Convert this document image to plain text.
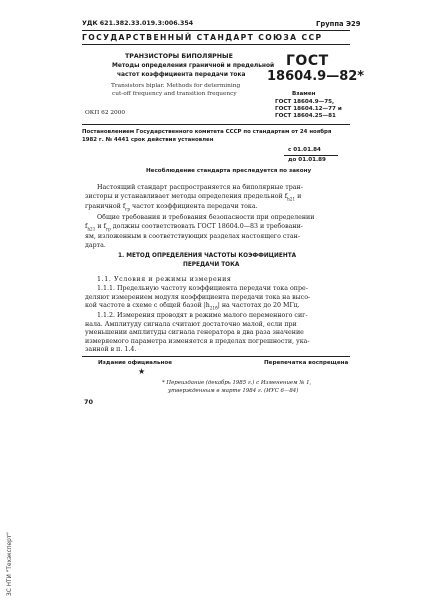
УДК 621.382.33.019.3:006.354	Группа Э29
ГОСУДАРСТВЕННЫЙ СТАНДАРТ СОЮЗА ССР
ТРАНЗИСТОРЫ БИПОЛЯРНЫЕ
Методы определения граничной и предельной
частот коэффициента передачи тока
Transistors biplar. Methods for determining
cut-off frequency and transition frequency
ОКП 62 2000
ГОСТ
18604.9—82*
Взамен
ГОСТ 18604.9—75,
ГОСТ 18604.12—77 и
ГОСТ 18604.25—81
Постановлением Государственного комитета СССР по стандартам от 24 ноября
1982 г. № 4441 срок действия установлен
с 01.01.84
до 01.01.89
Несоблюдение стандарта преследуется по закону
Настоящий стандарт распространяется на биполярные тран-
зисторы и устанавливает методы определения предельной $f_{h21}$ и
граничной $f_{гр}$ частот коэффициента передачи тока.
Общие требования и требования безопасности при определении
$f_{h21}$ и $f_{гр}$ должны соответствовать ГОСТ 18604.0—83 и требовани-
ям, изложенным в соответствующих разделах настоящего стан-
дарта.
1. МЕТОД ОПРЕДЕЛЕНИЯ ЧАСТОТЫ КОЭФФИЦИЕНТА
ПЕРЕДАЧИ ТОКА
1.1. Условия и режимы измерения
1.1.1. Предельную частоту коэффициента передачи тока опре-
деляют измерением модуля коэффициента передачи тока на высо-
кой частоте в схеме с общей базой $|h_{21б}|$ на частотах до 20 МГц.
1.1.2. Измерения проводят в режиме малого переменного сиг-
нала. Амплитуду сигнала считают достаточно малой, если при
уменьшении амплитуды сигнала генератора в два раза значение
измеряемого параметра изменяется в пределах погрешности, ука-
занной в п. 1.4.
Издание официальное	Перепечатка воспрещена
★
* Переиздание (декабрь 1985 г.) с Изменением № 1,
утвержденным в марте 1984 г. (ИУС 6—84)
70
ЗС НТИ "Техэксперт"
